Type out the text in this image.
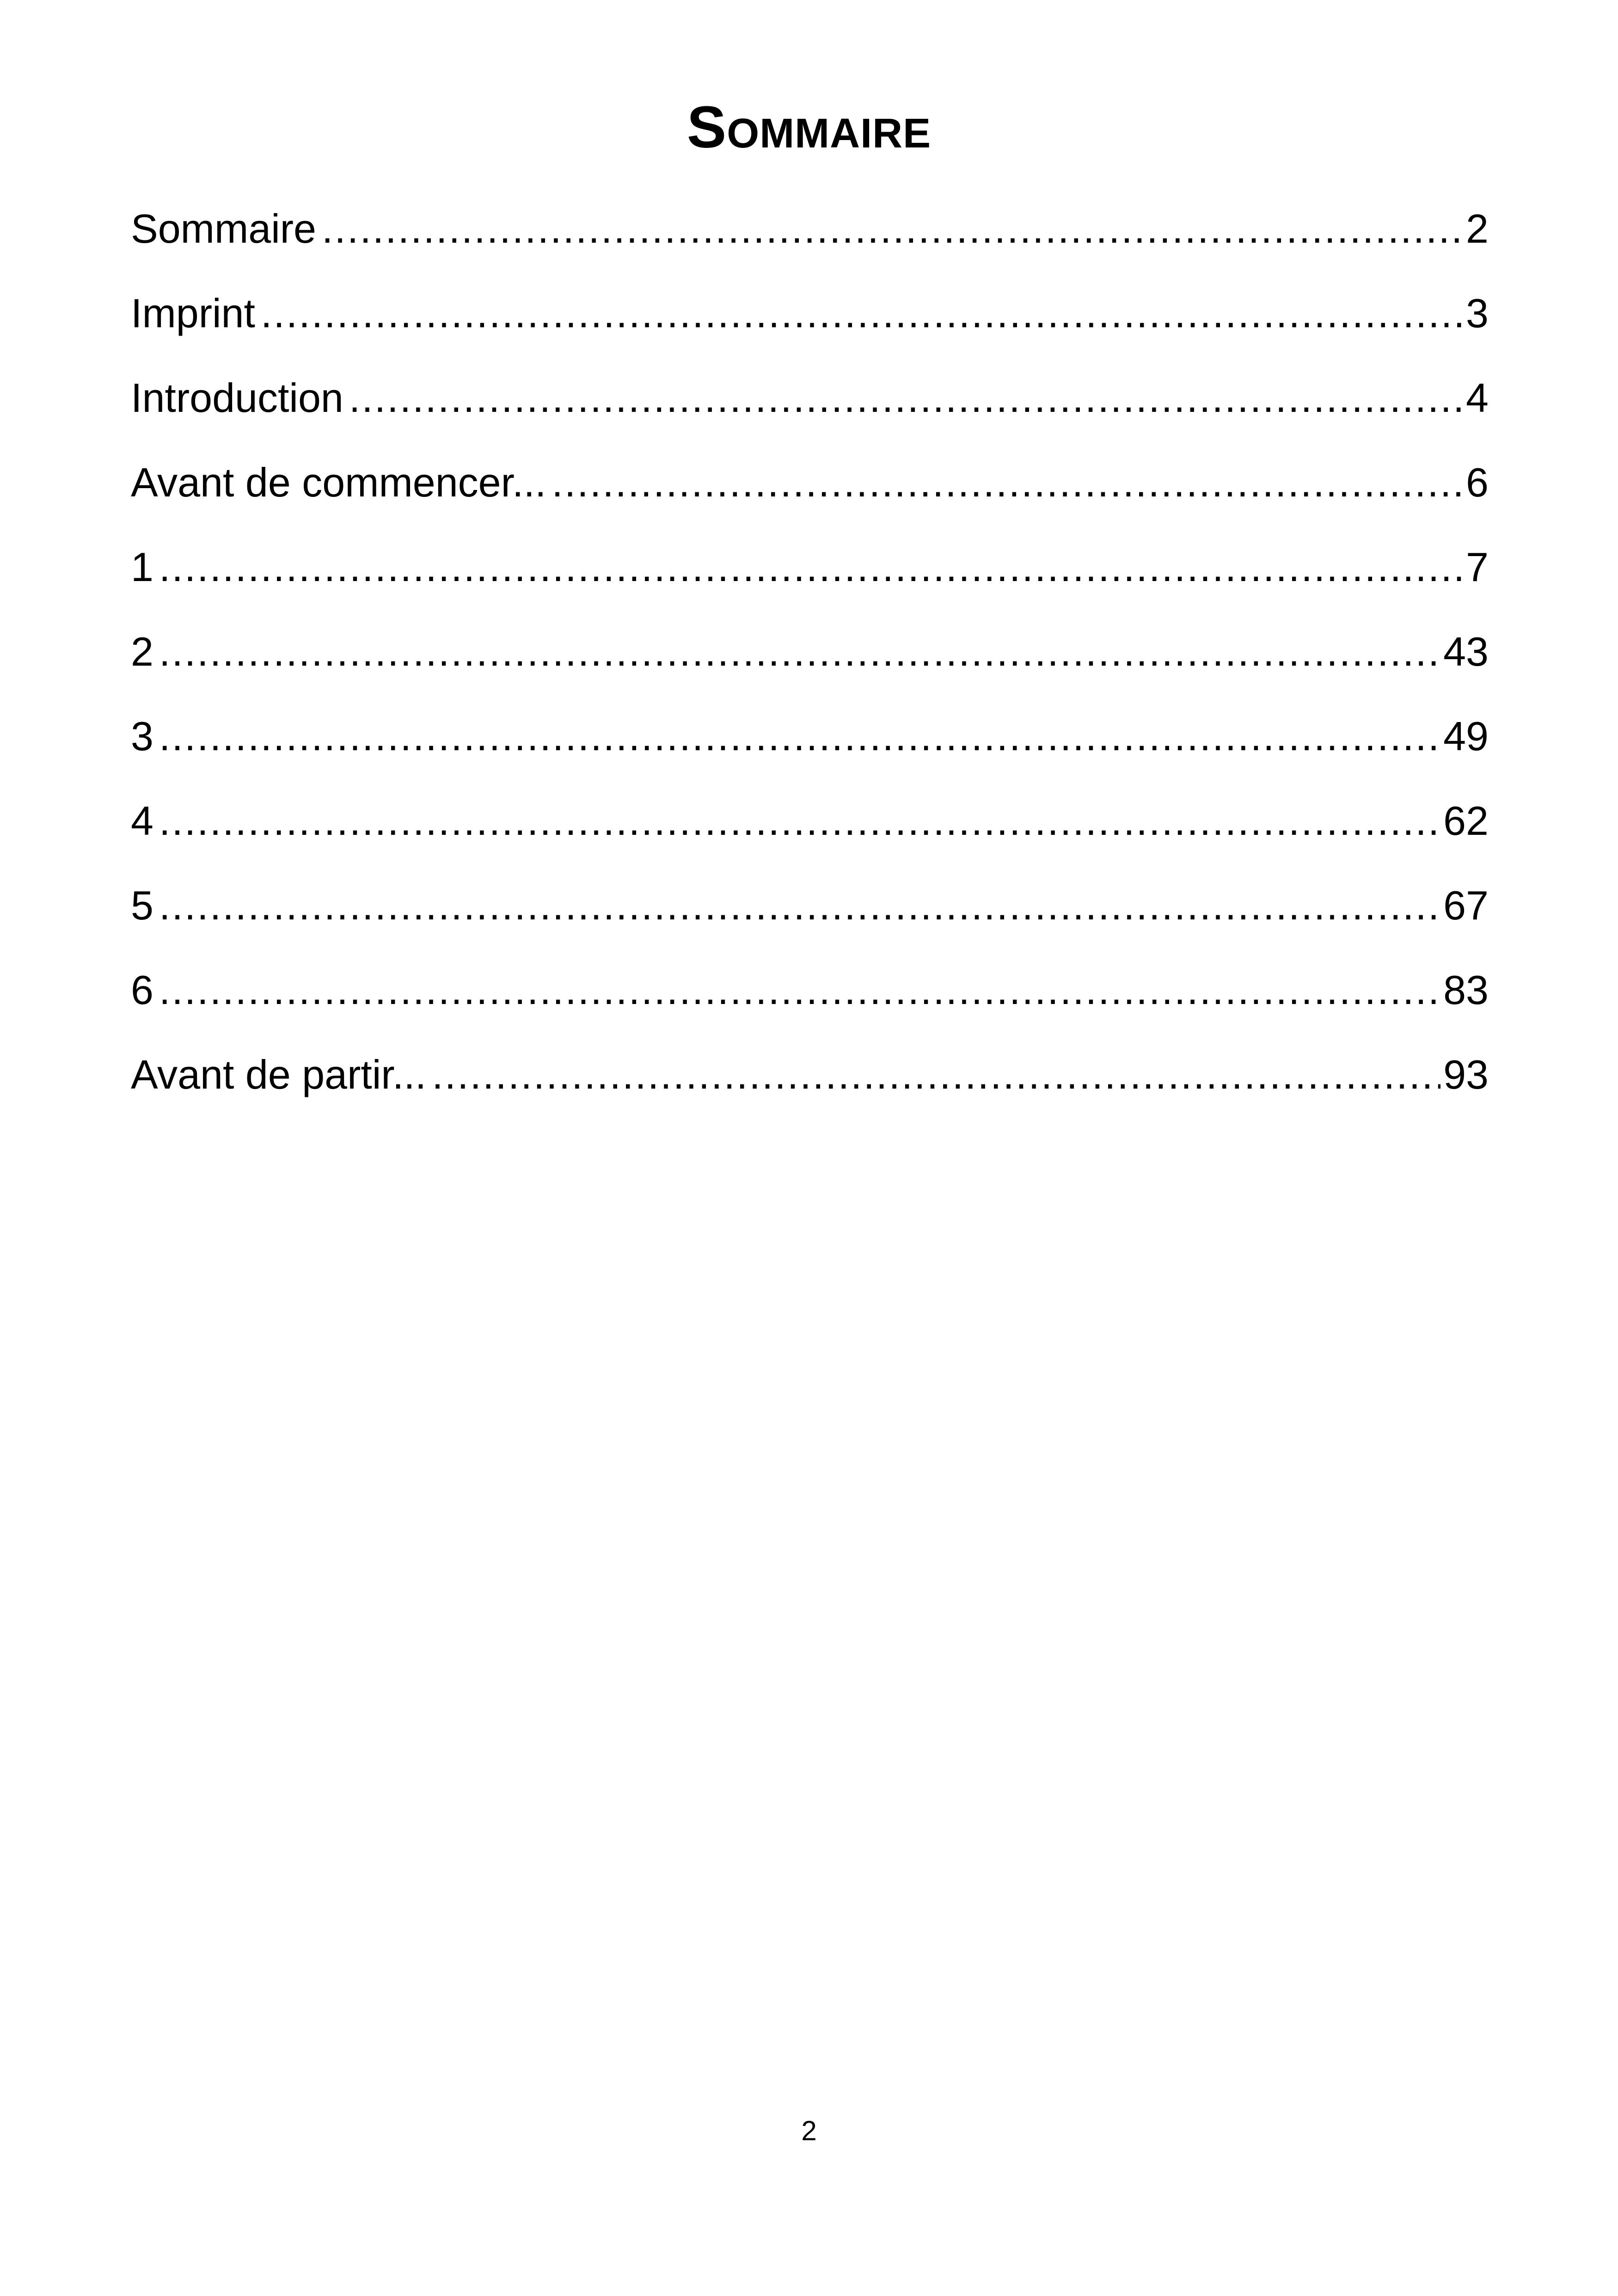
Sommaire
Sommaire .....	2
Imprint .....	3
Introduction .....	4
Avant de commencer... .....	6
1 .....	7
2 .....	43
3 .....	49
4 .....	62
5 .....	67
6 .....	83
Avant de partir... .....	93
2
